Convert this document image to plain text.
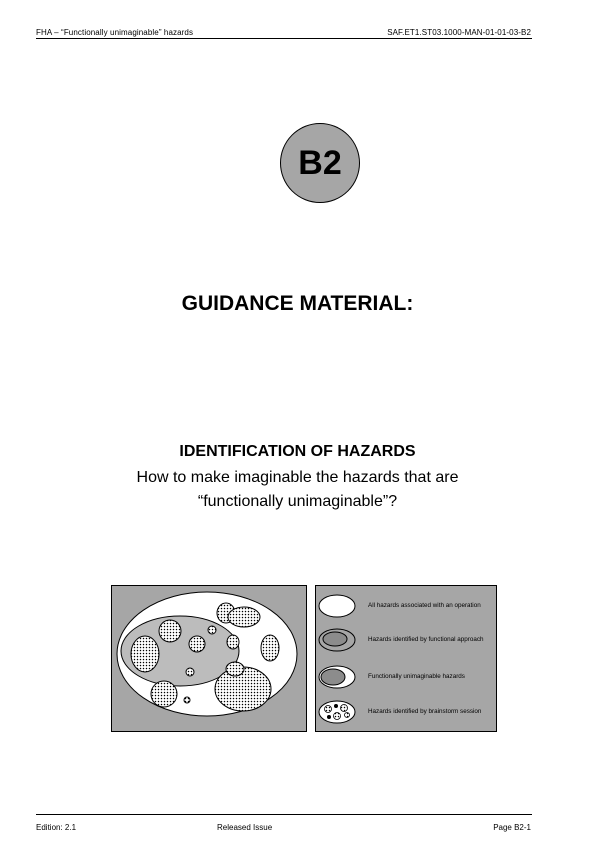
FHA – “Functionally unimaginable” hazards	SAF.ET1.ST03.1000-MAN-01-01-03-B2
B2
GUIDANCE MATERIAL:
IDENTIFICATION OF HAZARDS
How to make imaginable the hazards that are
“functionally unimaginable”?
All hazards associated with an operation
Hazards identified by functional approach
Functionally unimaginable hazards
Hazards identified by brainstorm session
Edition: 2.1	Released Issue	Page B2-1
